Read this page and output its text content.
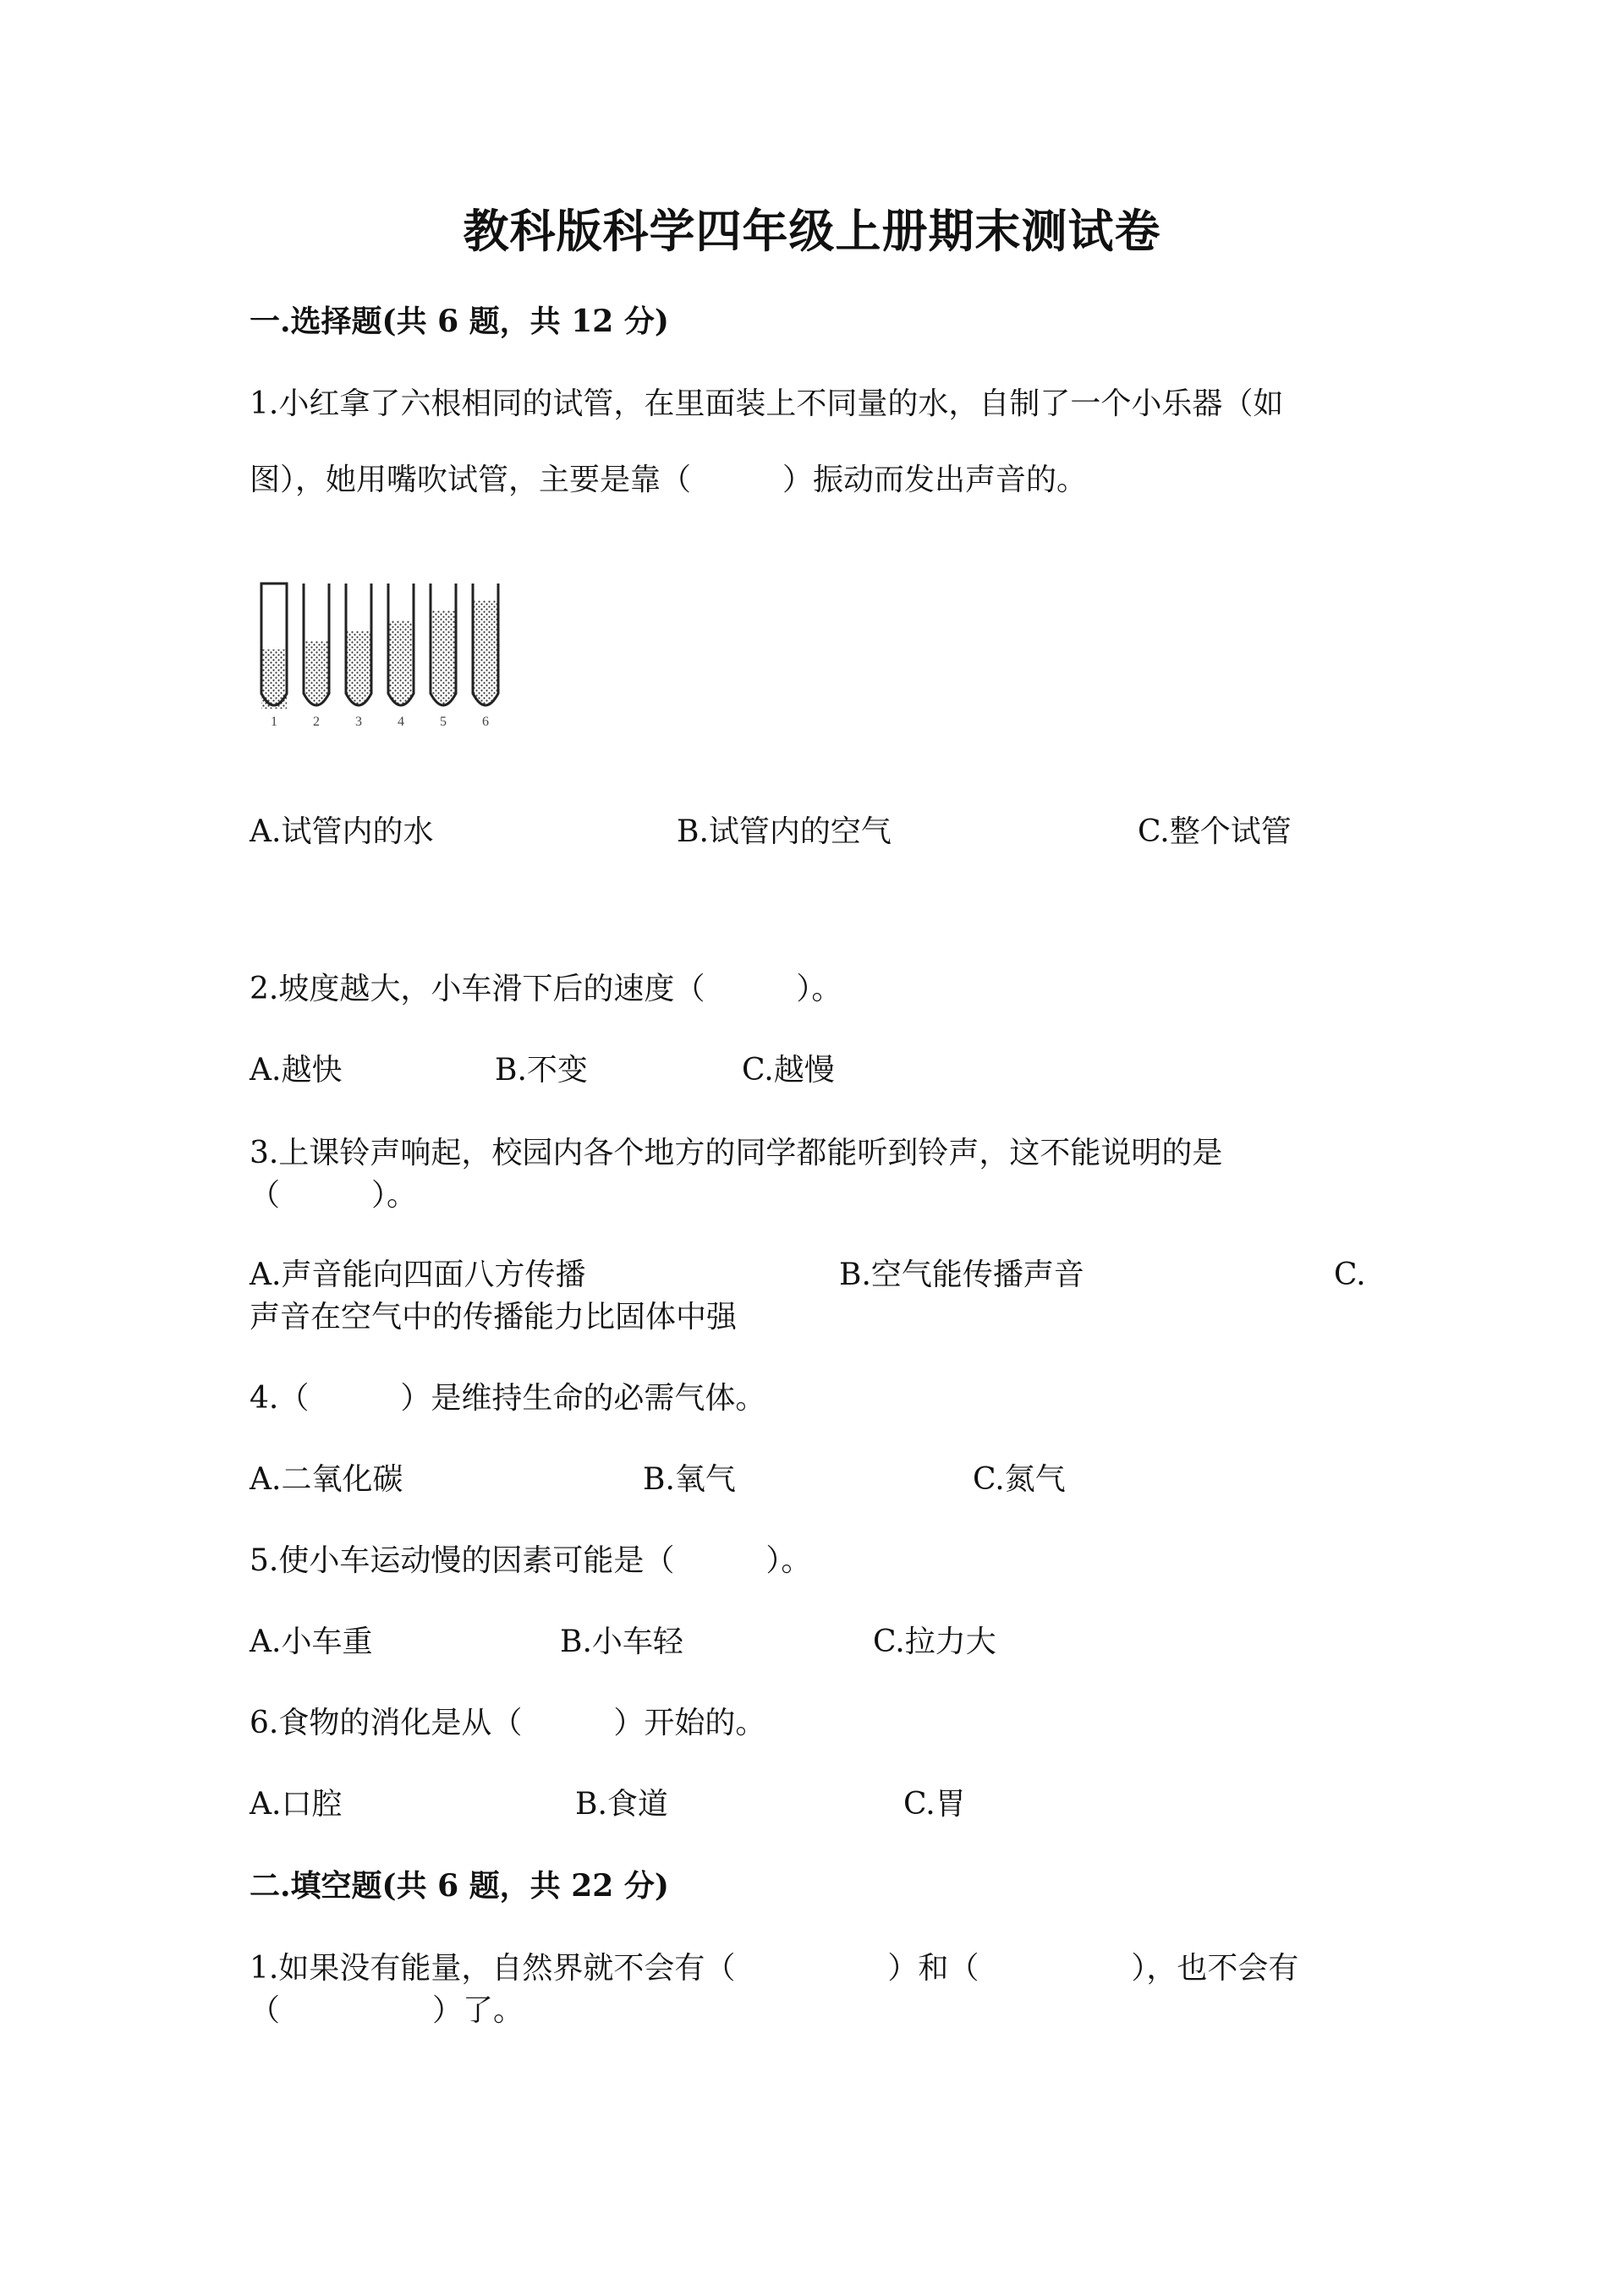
教科版科学四年级上册期末测试卷
一.选择题(共 6 题，共 12 分)
1.小红拿了六根相同的试管，在里面装上不同量的水，自制了一个小乐器（如
图），她用嘴吹试管，主要是靠（　　　）振动而发出声音的。
1	2	3	4	5	6
A.试管内的水	B.试管内的空气	C.整个试管
2.坡度越大，小车滑下后的速度（　　　）。
A.越快	B.不变	C.越慢
3.上课铃声响起，校园内各个地方的同学都能听到铃声，这不能说明的是
（　　　）。
A.声音能向四面八方传播	B.空气能传播声音	C.
声音在空气中的传播能力比固体中强
4.（　　　）是维持生命的必需气体。
A.二氧化碳	B.氧气	C.氮气
5.使小车运动慢的因素可能是（　　　）。
A.小车重	B.小车轻	C.拉力大
6.食物的消化是从（　　　）开始的。
A.口腔	B.食道	C.胃
二.填空题(共 6 题，共 22 分)
1.如果没有能量，自然界就不会有（　　　　　）和（　　　　　），也不会有
（　　　　　）了。
